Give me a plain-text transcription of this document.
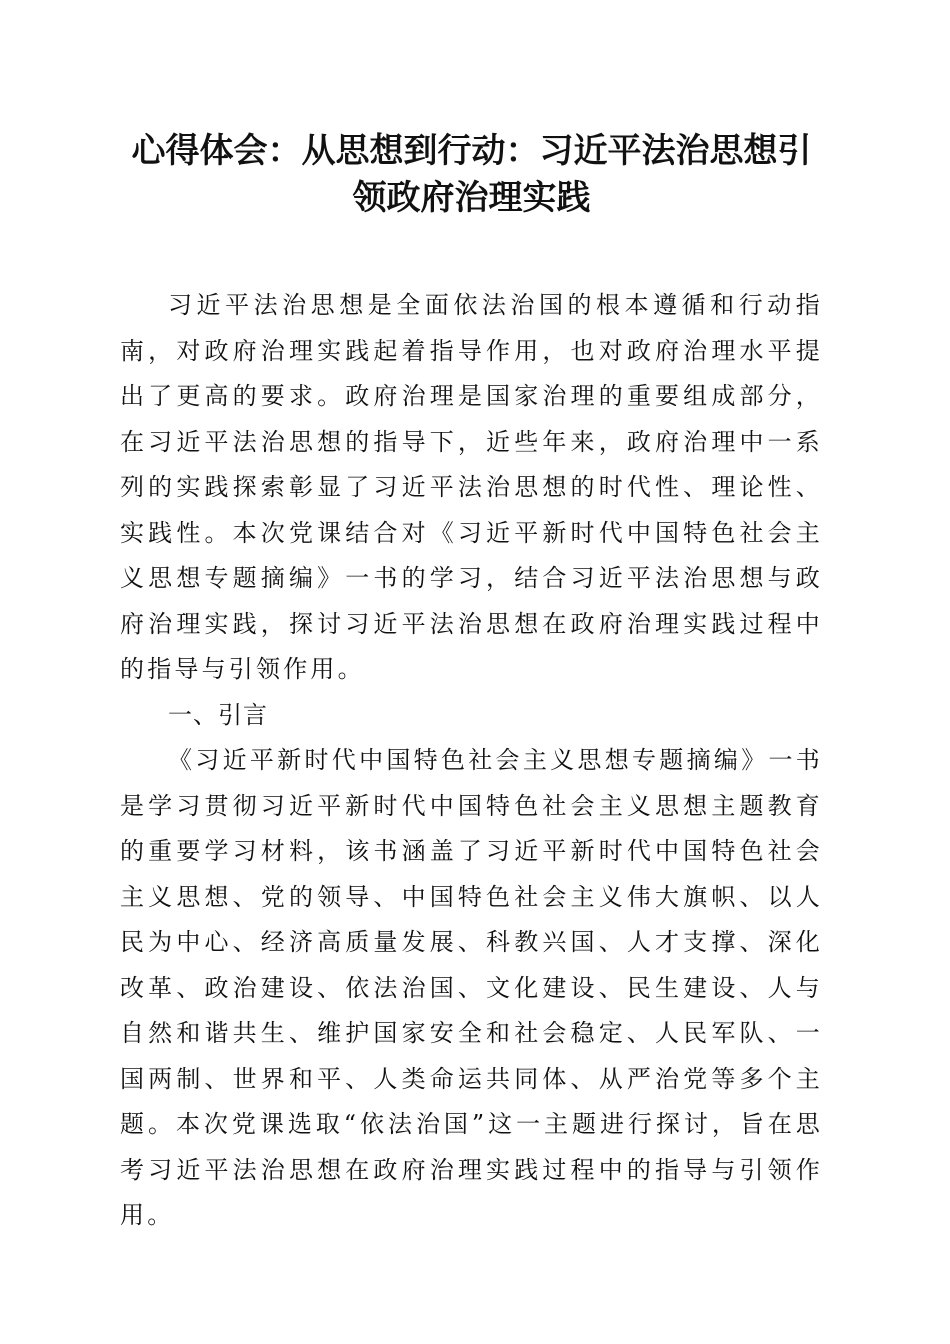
心得体会：从思想到行动：习近平法治思想引领政府治理实践

习近平法治思想是全面依法治国的根本遵循和行动指南，对政府治理实践起着指导作用，也对政府治理水平提出了更高的要求。政府治理是国家治理的重要组成部分，在习近平法治思想的指导下，近些年来，政府治理中一系列的实践探索彰显了习近平法治思想的时代性、理论性、实践性。本次党课结合对《习近平新时代中国特色社会主义思想专题摘编》一书的学习，结合习近平法治思想与政府治理实践，探讨习近平法治思想在政府治理实践过程中的指导与引领作用。

一、引言

《习近平新时代中国特色社会主义思想专题摘编》一书是学习贯彻习近平新时代中国特色社会主义思想主题教育的重要学习材料，该书涵盖了习近平新时代中国特色社会主义思想、党的领导、中国特色社会主义伟大旗帜、以人民为中心、经济高质量发展、科教兴国、人才支撑、深化改革、政治建设、依法治国、文化建设、民生建设、人与自然和谐共生、维护国家安全和社会稳定、人民军队、一国两制、世界和平、人类命运共同体、从严治党等多个主题。本次党课选取“依法治国”这一主题进行探讨，旨在思考习近平法治思想在政府治理实践过程中的指导与引领作用。
